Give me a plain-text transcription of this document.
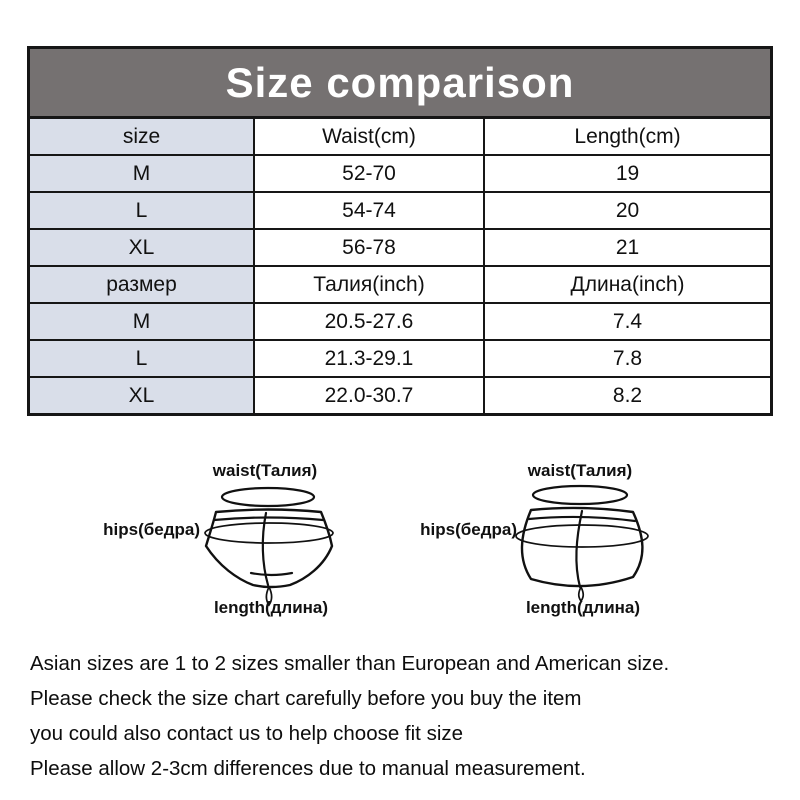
Size comparison
size	Waist(cm)	Length(cm)
M	52-70	19
L	54-74	20
XL	56-78	21
размер	Талия(inch)	Длина(inch)
M	20.5-27.6	7.4
L	21.3-29.1	7.8
XL	22.0-30.7	8.2
waist(Талия)
hips(бедра)
length(длина)
waist(Талия)
hips(бедра)
length(длина)
Asian sizes are 1 to 2 sizes smaller than European and American size.
Please check the size chart carefully before you buy the item
you could also contact us to help choose fit size
Please allow 2-3cm differences due to manual measurement.
